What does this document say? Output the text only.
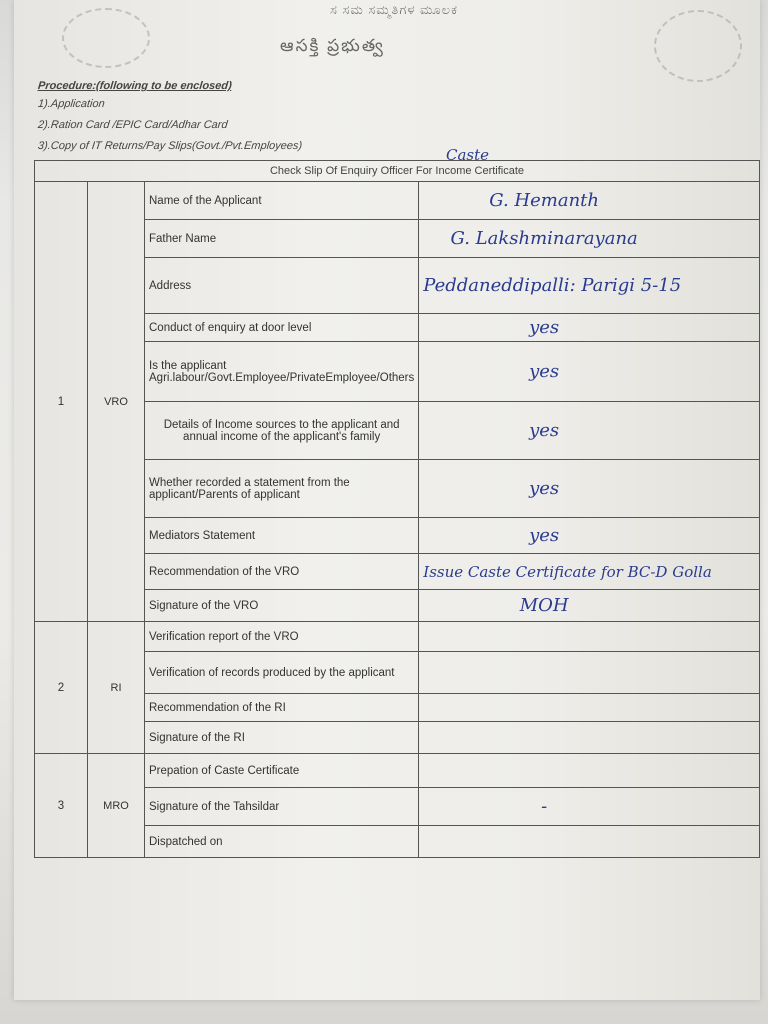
ಸ ಸಮ ಸಮ್ಮತಿಗಳ ಮೂಲಕ
ఆసక్తి ప్రభుత్వ
Procedure:(following to be enclosed)
1).Application
2).Ration Card /EPIC Card/Adhar Card
3).Copy of IT Returns/Pay Slips(Govt./Pvt.Employees)	Caste
Check Slip Of Enquiry Officer For Income Certificate			
1	VRO	Name of the Applicant	G. Hemanth

		Father Name	G. Lakshminarayana

		Address	Peddaneddipalli: Parigi 5-15
		Conduct of enquiry at door level	yes

		Is the applicant Agri.labour/Govt.Employee/PrivateEmployee/Others	yes

		Details of Income sources to the applicant and annual income of the applicant's family	yes

		Whether recorded a statement from the applicant/Parents of applicant	yes

		Mediators Statement	yes

		Recommendation of the VRO	Issue Caste Certificate for BC-D Golla
		Signature of the VRO	MOH

2	RI	Verification report of the VRO	
		Verification of records produced by the applicant	
		Recommendation of the RI	
		Signature of the RI	
3	MRO	Prepation of Caste Certificate	
		Signature of the Tahsildar	-

		Dispatched on	
